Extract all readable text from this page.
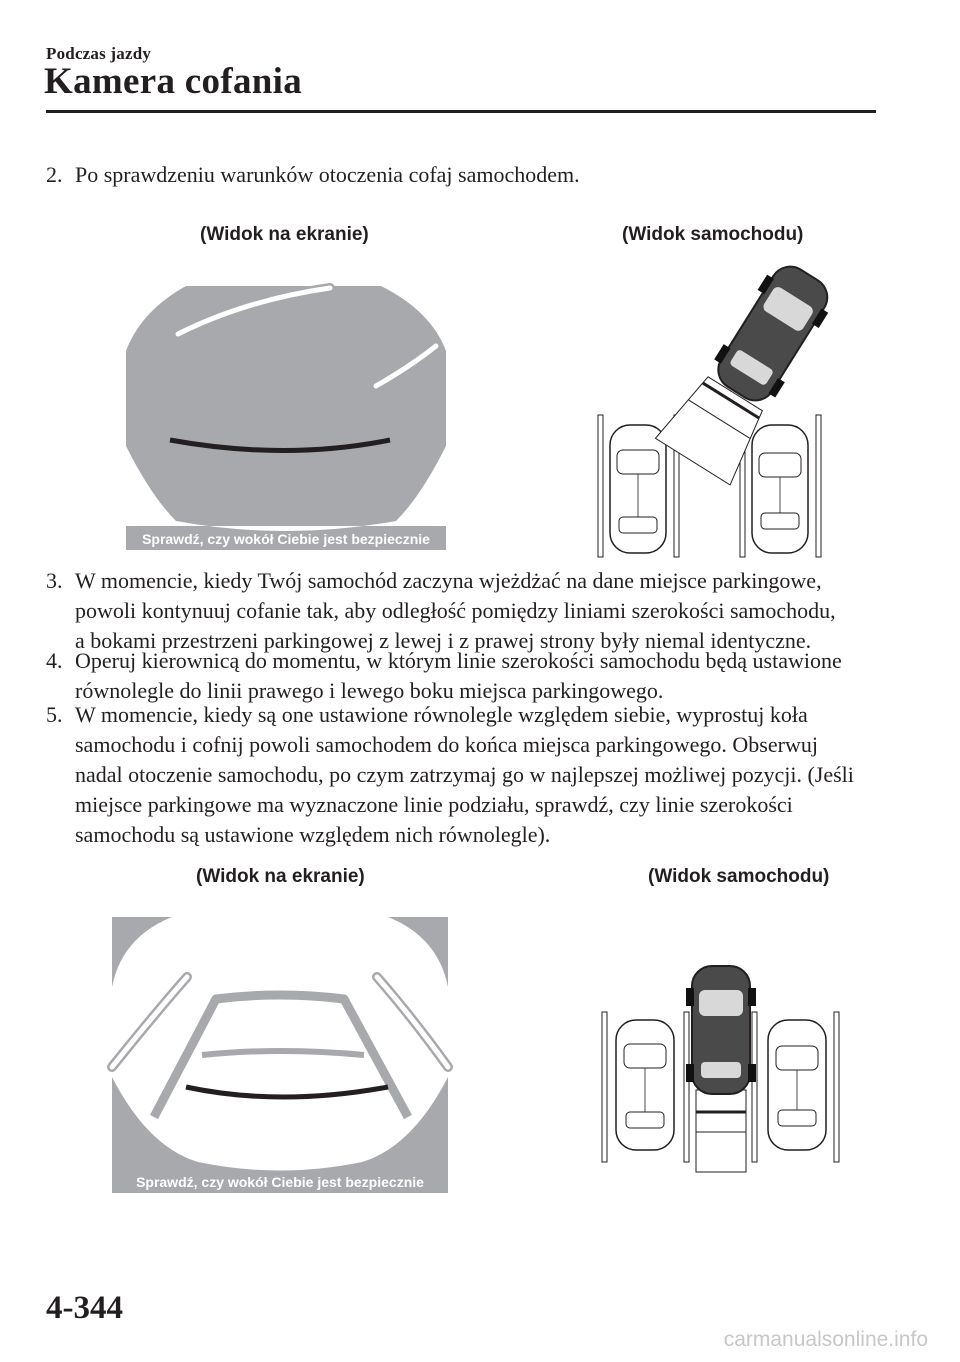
Podczas jazdy
Kamera cofania
2. Po sprawdzeniu warunków otoczenia cofaj samochodem.
(Widok na ekranie)	(Widok samochodu)
Sprawdź, czy wokół Ciebie jest bezpiecznie
3. W momencie, kiedy Twój samochód zaczyna wjeżdżać na dane miejsce parkingowe,
powoli kontynuuj cofanie tak, aby odległość pomiędzy liniami szerokości samochodu,
a bokami przestrzeni parkingowej z lewej i z prawej strony były niemal identyczne.
4. Operuj kierownicą do momentu, w którym linie szerokości samochodu będą ustawione
równolegle do linii prawego i lewego boku miejsca parkingowego.
5. W momencie, kiedy są one ustawione równolegle względem siebie, wyprostuj koła
samochodu i cofnij powoli samochodem do końca miejsca parkingowego. Obserwuj
nadal otoczenie samochodu, po czym zatrzymaj go w najlepszej możliwej pozycji. (Jeśli
miejsce parkingowe ma wyznaczone linie podziału, sprawdź, czy linie szerokości
samochodu są ustawione względem nich równolegle).
(Widok na ekranie)	(Widok samochodu)
Sprawdź, czy wokół Ciebie jest bezpiecznie
4-344
carmanualsonline.info
